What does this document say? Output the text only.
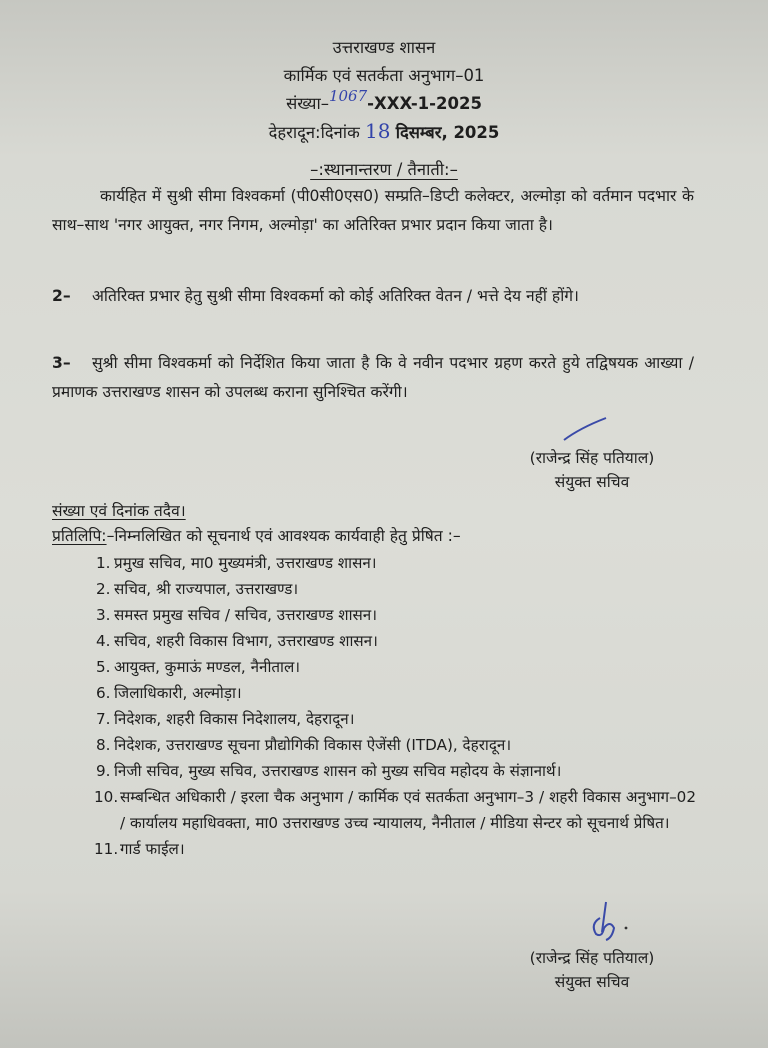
उत्तराखण्ड शासन
कार्मिक एवं सतर्कता अनुभाग–01
संख्या–1067-XXX-1-2025
देहरादून:दिनांक 18 दिसम्बर, 2025
–:स्थानान्तरण / तैनाती:–
कार्यहित में सुश्री सीमा विश्वकर्मा (पी0सी0एस0) सम्प्रति–डिप्टी कलेक्टर, अल्मोड़ा को वर्तमान पदभार के साथ–साथ 'नगर आयुक्त, नगर निगम, अल्मोड़ा' का अतिरिक्त प्रभार प्रदान किया जाता है।
2– अतिरिक्त प्रभार हेतु सुश्री सीमा विश्वकर्मा को कोई अतिरिक्त वेतन / भत्ते देय नहीं होंगे।
3– सुश्री सीमा विश्वकर्मा को निर्देशित किया जाता है कि वे नवीन पदभार ग्रहण करते हुये तद्विषयक आख्या / प्रमाणक उत्तराखण्ड शासन को उपलब्ध कराना सुनिश्चित करेंगी।
(राजेन्द्र सिंह पतियाल)
संयुक्त सचिव
संख्या एवं दिनांक तदैव।
प्रतिलिपि:–निम्नलिखित को सूचनार्थ एवं आवश्यक कार्यवाही हेतु प्रेषित :–
1. प्रमुख सचिव, मा0 मुख्यमंत्री, उत्तराखण्ड शासन।
2. सचिव, श्री राज्यपाल, उत्तराखण्ड।
3. समस्त प्रमुख सचिव / सचिव, उत्तराखण्ड शासन।
4. सचिव, शहरी विकास विभाग, उत्तराखण्ड शासन।
5. आयुक्त, कुमाऊं मण्डल, नैनीताल।
6. जिलाधिकारी, अल्मोड़ा।
7. निदेशक, शहरी विकास निदेशालय, देहरादून।
8. निदेशक, उत्तराखण्ड सूचना प्रौद्योगिकी विकास ऐजेंसी (ITDA), देहरादून।
9. निजी सचिव, मुख्य सचिव, उत्तराखण्ड शासन को मुख्य सचिव महोदय के संज्ञानार्थ।
10. सम्बन्धित अधिकारी / इरला चैक अनुभाग / कार्मिक एवं सतर्कता अनुभाग–3 / शहरी विकास अनुभाग–02 / कार्यालय महाधिवक्ता, मा0 उत्तराखण्ड उच्च न्यायालय, नैनीताल / मीडिया सेन्टर को सूचनार्थ प्रेषित।
11. गार्ड फाईल।
(राजेन्द्र सिंह पतियाल)
संयुक्त सचिव
